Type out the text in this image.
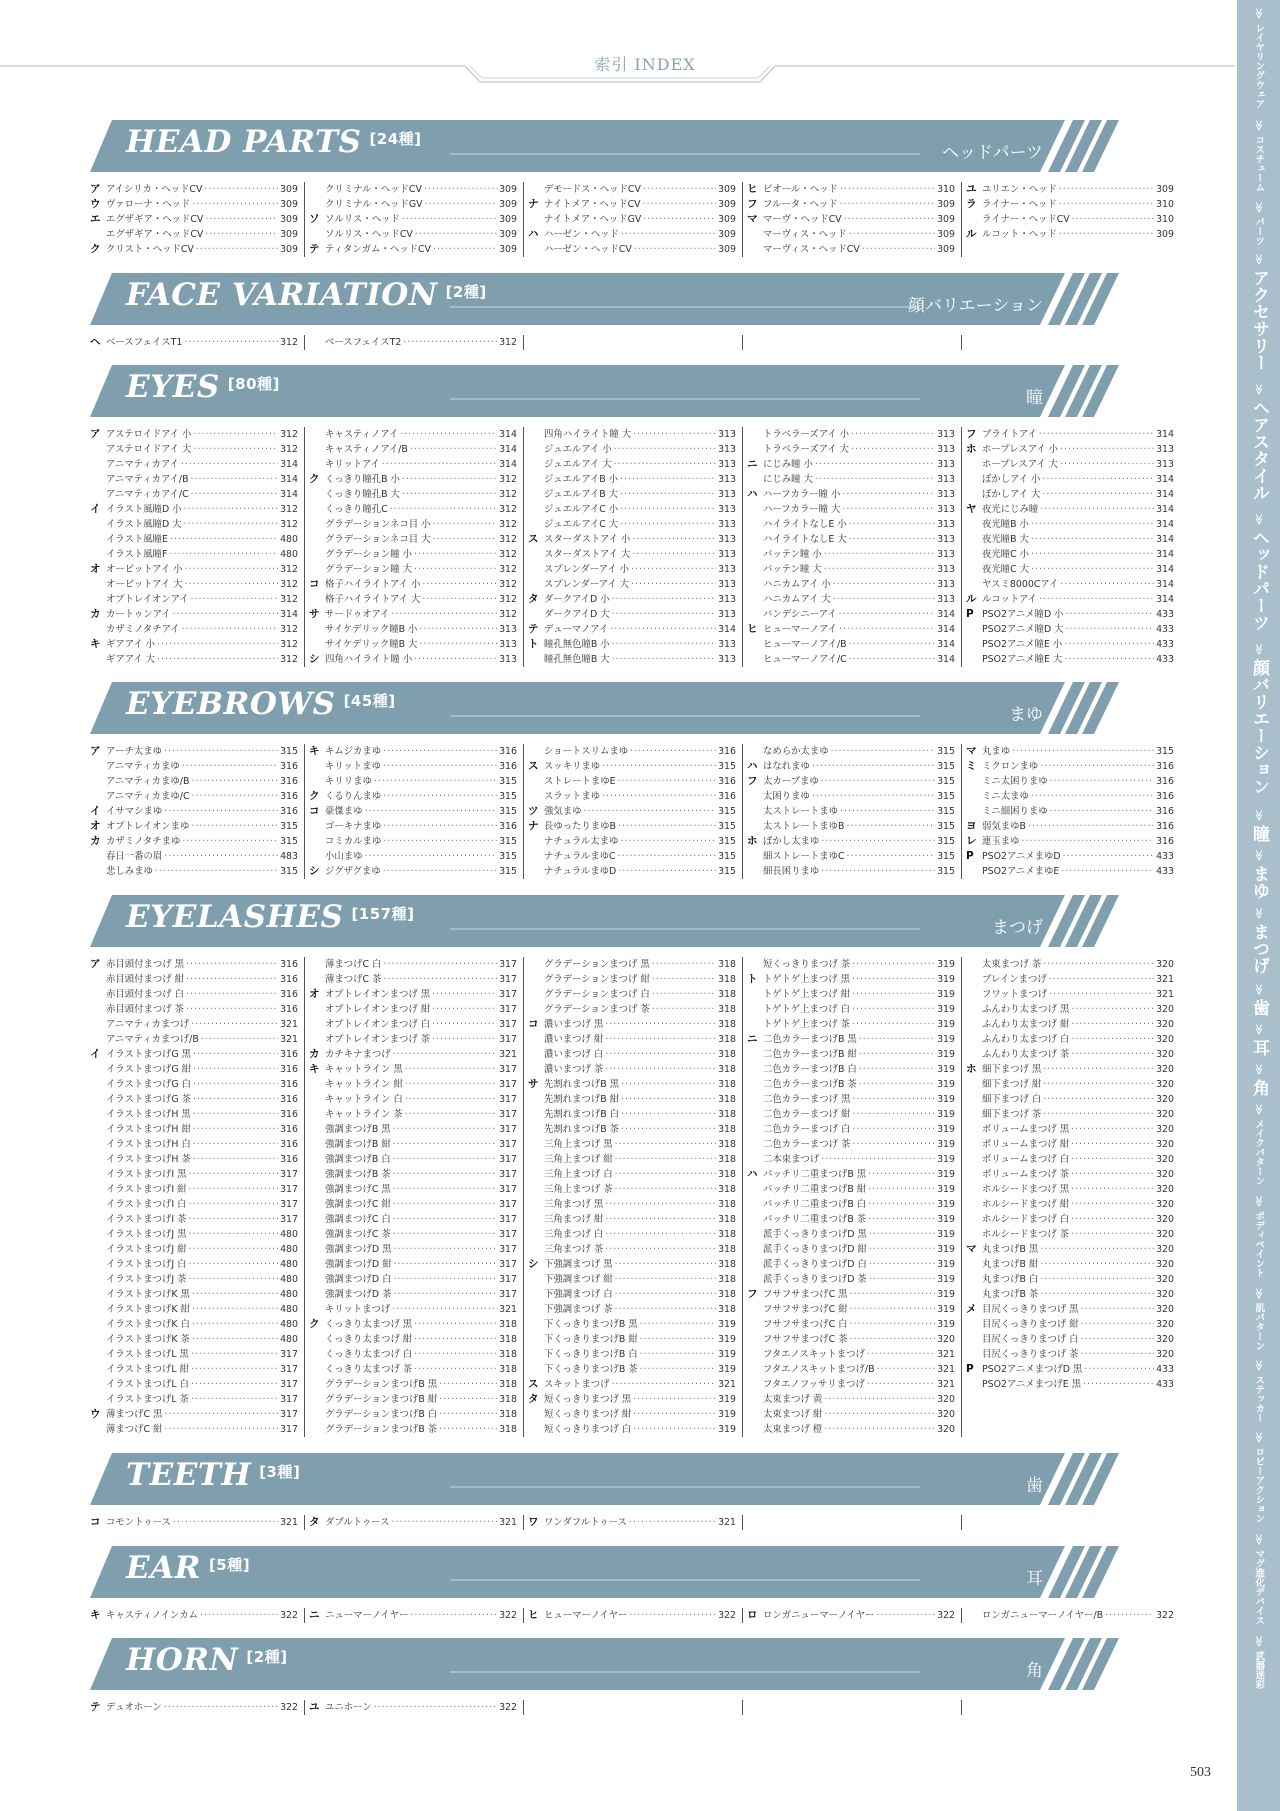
索引 INDEX
HEAD PARTS [24種]
ヘッドパーツ
ア アイシリカ・ヘッドCV ·····	309
ウ ヴァローナ・ヘッド ·····	309
エ エグザギア・ヘッドCV ·····	309
エグザギア・ヘッドCV ·····	309
ク クリスト・ヘッドCV ·····	309
クリミナル・ヘッドCV ·····	309
クリミナル・ヘッドGV ·····	309
ソ ソルリス・ヘッド ·····	309
ソルリス・ヘッドCV ·····	309
テ ティタンガム・ヘッドCV ·····	309
デモードス・ヘッドCV ·····	309
ナ ナイトメア・ヘッドCV ·····	309
ナイトメア・ヘッドGV ·····	309
ハ ハーゼン・ヘッド ·····	309
ハーゼン・ヘッドCV ·····	309
ヒ ビオール・ヘッド ·····	310
フ フルータ・ヘッド ·····	309
マ マーヴ・ヘッドCV ·····	309
マーヴィス・ヘッド ·····	309
マーヴィス・ヘッドCV ·····	309
ユ ユリエン・ヘッド ·····	309
ラ ライナー・ヘッド ·····	310
ライナー・ヘッドCV ·····	310
ル ルコット・ヘッド ·····	309
FACE VARIATION [2種]
顔バリエーション
ヘ ベースフェイスT1 ·····	312	ベースフェイスT2 ·····	312
EYES [80種]
瞳
ア アステロイドアイ 小 ·····	312
アステロイドアイ 大 ·····	312
アニマティカアイ ·····	314
アニマティカアイ/B ·····	314
アニマティカアイ/C ·····	314
イ イラスト風瞳D 小 ·····	312
イラスト風瞳D 大 ·····	312
イラスト風瞳E ·····	480
イラスト風瞳F ·····	480
オ オービットアイ 小 ·····	312
オービットアイ 大 ·····	312
オプトレイオンアイ ·····	312
カ カートゥンアイ ·····	314
カザミノタチアイ ·····	312
キ ギアアイ 小 ·····	312
ギアアイ 大 ·····	312
キャスティノアイ ·····	314
キャスティノアイ/B ·····	314
キリットアイ ·····	314
ク くっきり瞳孔B 小 ·····	312
くっきり瞳孔B 大 ·····	312
くっきり瞳孔C ·····	312
グラデーションネコ目 小 ·····	312
グラデーションネコ目 大 ·····	312
グラデーション瞳 小 ·····	312
グラデーション瞳 大 ·····	312
コ 格子ハイライトアイ 小 ·····	312
格子ハイライトアイ 大 ·····	312
サ サードゥオアイ ·····	312
サイケデリック瞳B 小 ·····	313
サイケデリック瞳B 大 ·····	313
シ 四角ハイライト瞳 小 ·····	313
四角ハイライト瞳 大 ·····	313
ジュエルアイ 小 ·····	313
ジュエルアイ 大 ·····	313
ジュエルアイB 小 ·····	313
ジュエルアイB 大 ·····	313
ジュエルアイC 小 ·····	313
ジュエルアイC 大 ·····	313
ス スターダストアイ 小 ·····	313
スターダストアイ 大 ·····	313
スプレンダーアイ 小 ·····	313
スプレンダーアイ 大 ·····	313
タ ダークアイD 小 ·····	313
ダークアイD 大 ·····	313
テ デューマノアイ ·····	314
ト 瞳孔無色瞳B 小 ·····	313
瞳孔無色瞳B 大 ·····	313
トラベラーズアイ 小 ·····	313
トラベラーズアイ 大 ·····	313
ニ にじみ瞳 小 ·····	313
にじみ瞳 大 ·····	313
ハ ハーフカラー瞳 小 ·····	313
ハーフカラー瞳 大 ·····	313
ハイライトなしE 小 ·····	313
ハイライトなしE 大 ·····	313
バッテン瞳 小 ·····	313
バッテン瞳 大 ·····	313
ハニカムアイ 小 ·····	313
ハニカムアイ 大 ·····	313
バンデシニーアイ ·····	314
ヒ ヒューマーノアイ ·····	314
ヒューマーノアイ/B ·····	314
ヒューマーノアイ/C ·····	314
フ ブライトアイ ·····	314
ホ ホープレスアイ 小 ·····	313
ホープレスアイ 大 ·····	313
ぼかしアイ 小 ·····	314
ぼかしアイ 大 ·····	314
ヤ 夜光にじみ瞳 ·····	314
夜光瞳B 小 ·····	314
夜光瞳B 大 ·····	314
夜光瞳C 小 ·····	314
夜光瞳C 大 ·····	314
ヤスミ8000Cアイ ·····	314
ル ルコットアイ ·····	314
P PSO2アニメ瞳D 小 ·····	433
PSO2アニメ瞳D 大 ·····	433
PSO2アニメ瞳E 小 ·····	433
PSO2アニメ瞳E 大 ·····	433
EYEBROWS [45種]
まゆ
ア アーチ太まゆ ·····	315
アニマティカまゆ ·····	316
アニマティカまゆ/B ·····	316
アニマティカまゆ/C ·····	316
イ イサマシまゆ ·····	316
オ オプトレイオンまゆ ·····	315
カ カザミノタチまゆ ·····	315
春日一番の眉 ·····	483
悲しみまゆ ·····	315
キ キムジカまゆ ·····	316
キリットまゆ ·····	316
キリリまゆ ·····	315
ク くるりんまゆ ·····	315
コ 豪傑まゆ ·····	315
ゴーキナまゆ ·····	316
コミカルまゆ ·····	315
小山まゆ ·····	315
シ ジグザグまゆ ·····	315
ショートスリムまゆ ·····	316
ス スッキリまゆ ·····	315
ストレートまゆE ·····	316
スラットまゆ ·····	316
ツ 強気まゆ ·····	315
ナ 長ゆったりまゆB ·····	315
ナチュラル太まゆ ·····	315
ナチュラルまゆC ·····	315
ナチュラルまゆD ·····	315
なめらか太まゆ ·····	315
ハ はなれまゆ ·····	315
フ 太カーブまゆ ·····	315
太困りまゆ ·····	315
太ストレートまゆ ·····	315
太ストレートまゆB ·····	315
ホ ぼかし太まゆ ·····	315
細ストレートまゆC ·····	315
細長困りまゆ ·····	315
マ 丸まゆ ·····	315
ミ ミクロンまゆ ·····	316
ミニ太困りまゆ ·····	316
ミニ太まゆ ·····	316
ミニ細困りまゆ ·····	316
ヨ 弱気まゆB ·····	316
レ 連玉まゆ ·····	316
P PSO2アニメまゆD ·····	433
PSO2アニメまゆE ·····	433
EYELASHES [157種]
まつげ
ア 赤目頭付まつげ 黒 ·····	316
赤目頭付まつげ 紺 ·····	316
赤目頭付まつげ 白 ·····	316
赤目頭付まつげ 茶 ·····	316
アニマティカまつげ ·····	321
アニマティカまつげ/B ·····	321
イ イラストまつげG 黒 ·····	316
イラストまつげG 紺 ·····	316
イラストまつげG 白 ·····	316
イラストまつげG 茶 ·····	316
イラストまつげH 黒 ·····	316
イラストまつげH 紺 ·····	316
イラストまつげH 白 ·····	316
イラストまつげH 茶 ·····	316
イラストまつげI 黒 ·····	317
イラストまつげI 紺 ·····	317
イラストまつげI 白 ·····	317
イラストまつげI 茶 ·····	317
イラストまつげJ 黒 ·····	480
イラストまつげJ 紺 ·····	480
イラストまつげJ 白 ·····	480
イラストまつげJ 茶 ·····	480
イラストまつげK 黒 ·····	480
イラストまつげK 紺 ·····	480
イラストまつげK 白 ·····	480
イラストまつげK 茶 ·····	480
イラストまつげL 黒 ·····	317
イラストまつげL 紺 ·····	317
イラストまつげL 白 ·····	317
イラストまつげL 茶 ·····	317
ウ 薄まつげC 黒 ·····	317
薄まつげC 紺 ·····	317
薄まつげC 白 ·····	317
薄まつげC 茶 ·····	317
オ オプトレイオンまつげ 黒 ·····	317
オプトレイオンまつげ 紺 ·····	317
オプトレイオンまつげ 白 ·····	317
オプトレイオンまつげ 茶 ·····	317
カ カチキナまつげ ·····	321
キ キャットライン 黒 ·····	317
キャットライン 紺 ·····	317
キャットライン 白 ·····	317
キャットライン 茶 ·····	317
強調まつげB 黒 ·····	317
強調まつげB 紺 ·····	317
強調まつげB 白 ·····	317
強調まつげB 茶 ·····	317
強調まつげC 黒 ·····	317
強調まつげC 紺 ·····	317
強調まつげC 白 ·····	317
強調まつげC 茶 ·····	317
強調まつげD 黒 ·····	317
強調まつげD 紺 ·····	317
強調まつげD 白 ·····	317
強調まつげD 茶 ·····	317
キリットまつげ ·····	321
ク くっきり太まつげ 黒 ·····	318
くっきり太まつげ 紺 ·····	318
くっきり太まつげ 白 ·····	318
くっきり太まつげ 茶 ·····	318
グラデーションまつげB 黒 ·····	318
グラデーションまつげB 紺 ·····	318
グラデーションまつげB 白 ·····	318
グラデーションまつげB 茶 ·····	318
グラデーションまつげ 黒 ·····	318
グラデーションまつげ 紺 ·····	318
グラデーションまつげ 白 ·····	318
グラデーションまつげ 茶 ·····	318
コ 濃いまつげ 黒 ·····	318
濃いまつげ 紺 ·····	318
濃いまつげ 白 ·····	318
濃いまつげ 茶 ·····	318
サ 先割れまつげB 黒 ·····	318
先割れまつげB 紺 ·····	318
先割れまつげB 白 ·····	318
先割れまつげB 茶 ·····	318
三角上まつげ 黒 ·····	318
三角上まつげ 紺 ·····	318
三角上まつげ 白 ·····	318
三角上まつげ 茶 ·····	318
三角まつげ 黒 ·····	318
三角まつげ 紺 ·····	318
三角まつげ 白 ·····	318
三角まつげ 茶 ·····	318
シ 下強調まつげ 黒 ·····	318
下強調まつげ 紺 ·····	318
下強調まつげ 白 ·····	318
下強調まつげ 茶 ·····	318
下くっきりまつげB 黒 ·····	319
下くっきりまつげB 紺 ·····	319
下くっきりまつげB 白 ·····	319
下くっきりまつげB 茶 ·····	319
ス スキットまつげ ·····	321
タ 短くっきりまつげ 黒 ·····	319
短くっきりまつげ 紺 ·····	319
短くっきりまつげ 白 ·····	319
短くっきりまつげ 茶 ·····	319
ト トゲトゲ上まつげ 黒 ·····	319
トゲトゲ上まつげ 紺 ·····	319
トゲトゲ上まつげ 白 ·····	319
トゲトゲ上まつげ 茶 ·····	319
ニ 二色カラーまつげB 黒 ·····	319
二色カラーまつげB 紺 ·····	319
二色カラーまつげB 白 ·····	319
二色カラーまつげB 茶 ·····	319
二色カラーまつげ 黒 ·····	319
二色カラーまつげ 紺 ·····	319
二色カラーまつげ 白 ·····	319
二色カラーまつげ 茶 ·····	319
二本束まつげ ·····	319
ハ パッチリ二重まつげB 黒 ·····	319
パッチリ二重まつげB 紺 ·····	319
パッチリ二重まつげB 白 ·····	319
パッチリ二重まつげB 茶 ·····	319
派手くっきりまつげD 黒 ·····	319
派手くっきりまつげD 紺 ·····	319
派手くっきりまつげD 白 ·····	319
派手くっきりまつげD 茶 ·····	319
フ フサフサまつげC 黒 ·····	319
フサフサまつげC 紺 ·····	319
フサフサまつげC 白 ·····	319
フサフサまつげC 茶 ·····	320
フタエノスキットまつげ ·····	321
フタエノスキットまつげ/B ·····	321
フタエノフッサリまつげ ·····	321
太束まつげ 黄 ·····	320
太束まつげ 紺 ·····	320
太束まつげ 橙 ·····	320
太束まつげ 茶 ·····	320
ブレインまつげ ·····	321
フワットまつげ ·····	321
ふんわり太まつげ 黒 ·····	320
ふんわり太まつげ 紺 ·····	320
ふんわり太まつげ 白 ·····	320
ふんわり太まつげ 茶 ·····	320
ホ 細下まつげ 黒 ·····	320
細下まつげ 紺 ·····	320
細下まつげ 白 ·····	320
細下まつげ 茶 ·····	320
ボリュームまつげ 黒 ·····	320
ボリュームまつげ 紺 ·····	320
ボリュームまつげ 白 ·····	320
ボリュームまつげ 茶 ·····	320
ホルシードまつげ 黒 ·····	320
ホルシードまつげ 紺 ·····	320
ホルシードまつげ 白 ·····	320
ホルシードまつげ 茶 ·····	320
マ 丸まつげB 黒 ·····	320
丸まつげB 紺 ·····	320
丸まつげB 白 ·····	320
丸まつげB 茶 ·····	320
メ 目尻くっきりまつげ 黒 ·····	320
目尻くっきりまつげ 紺 ·····	320
目尻くっきりまつげ 白 ·····	320
目尻くっきりまつげ 茶 ·····	320
P PSO2アニメまつげD 黒 ·····	433
PSO2アニメまつげE 黒 ·····	433
TEETH [3種]
歯
コ コモントゥース ·····	321 タ ダブルトゥース ·····	321 ワ ワンダフルトゥース ·····	321
EAR [5種]
耳
キ キャスティノインカム ·····	322 ニ ニューマーノイヤー ·····	322 ヒ ヒューマーノイヤー ·····	322 ロ ロンガニューマーノイヤー ·····	322	ロンガニューマーノイヤー/B ·····	322
HORN [2種]
角
テ デュオホーン ·····	322 ユ ユニホーン ·····	322
≫
レイヤリングウェア
≫
コスチューム
≫
パーツ
≫
アクセサリー
≫
ヘアスタイル
≫
ヘッドパーツ
≫
顔バリエーション
≫
瞳
≫
まゆ
≫
まつげ
≫
歯
≫
耳
≫
角
≫
メイクパターン
≫
ボディペイント
≫
肌パターン
≫
ステッカー
≫
ロビーアクション
≫
マグ進化デバイス
≫
武器迷彩
503
